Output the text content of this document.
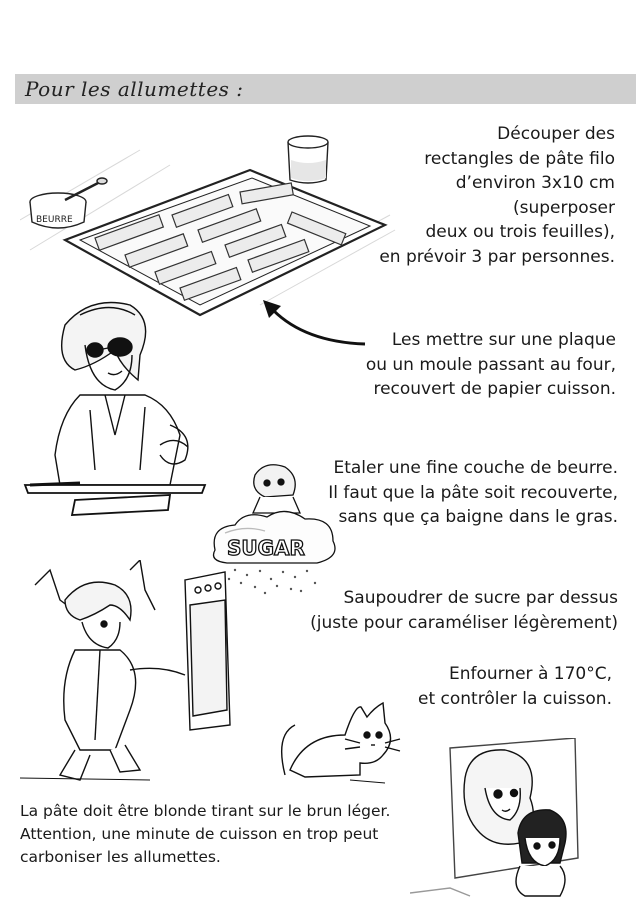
Pour les allumettes :
BEURRE
SUGAR
Découper des
rectangles de pâte filo
d’environ 3x10 cm
(superposer
deux ou trois feuilles),
en prévoir 3 par personnes.
Les mettre sur une plaque
ou un moule passant au four,
recouvert de papier cuisson.
Etaler une fine couche de beurre.
Il faut que la pâte soit recouverte,
sans que ça baigne dans le gras.
Saupoudrer de sucre par dessus
(juste pour caraméliser légèrement)
Enfourner à 170°C,
et contrôler la cuisson.
La pâte doit être blonde tirant sur le brun léger.
Attention, une minute de cuisson en trop peut
carboniser les allumettes.
